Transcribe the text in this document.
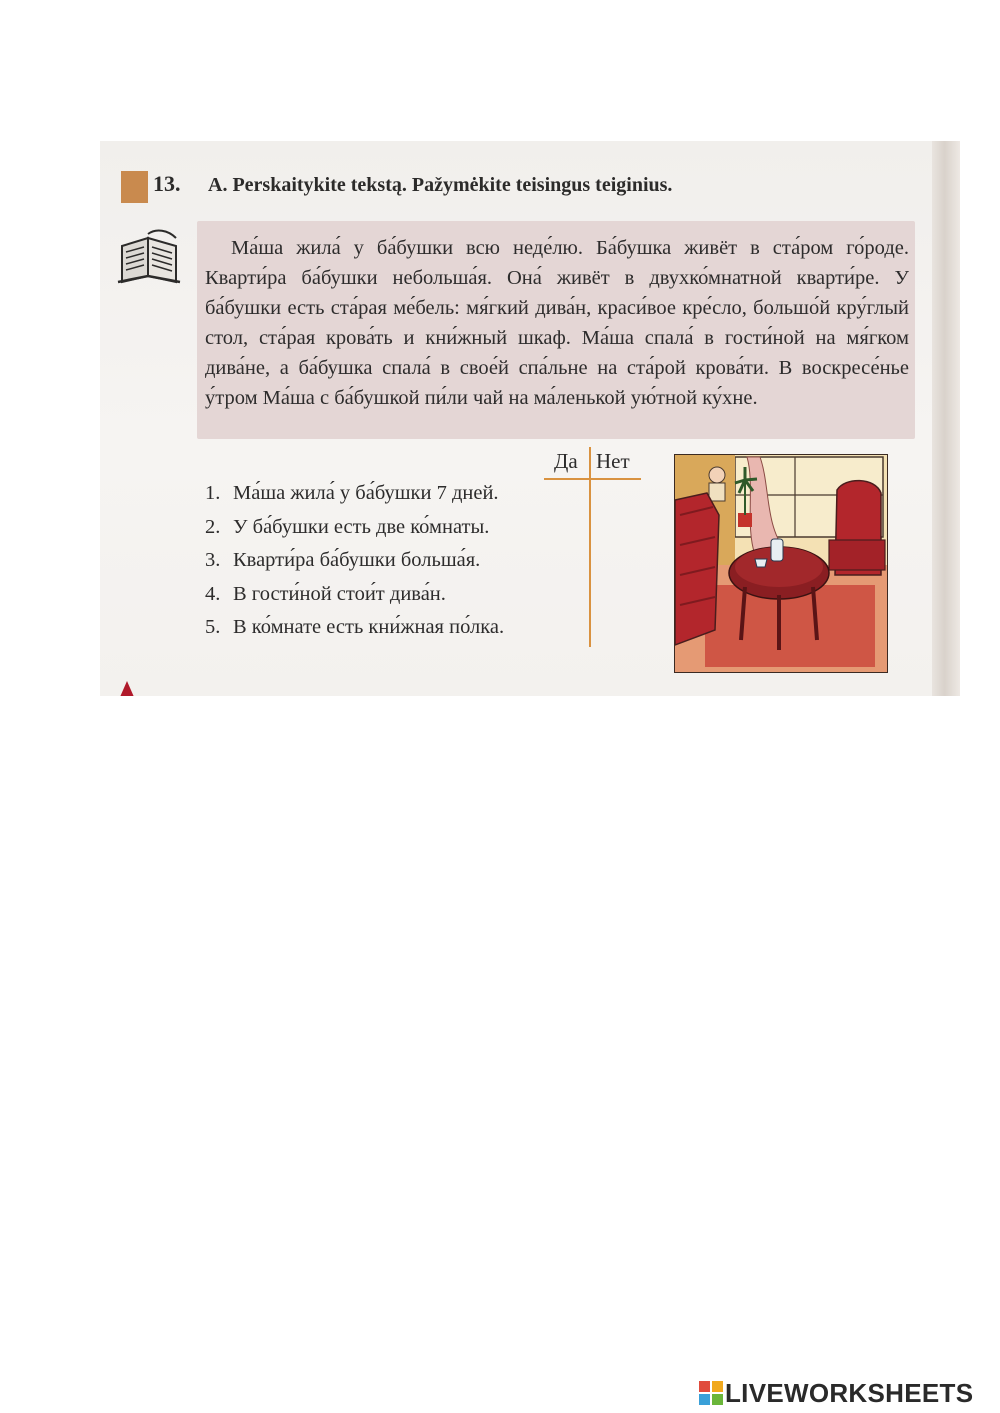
13. A. Perskaitykite tekstą. Pažymėkite teisingus teiginius.

Ма́ша жила́ у ба́бушки всю неде́лю. Ба́бушка живёт в ста́ром го́роде. Кварти́ра ба́бушки небольша́я. Она́ живёт в двухко́мнатной кварти́ре. У ба́бушки есть ста́рая ме́бель: мя́гкий дива́н, краси́вое кре́сло, большо́й кру́глый стол, ста́рая крова́ть и кни́жный шкаф. Ма́ша спала́ в гости́ной на мя́гком дива́не, а ба́бушка спала́ в свое́й спа́льне на ста́рой крова́ти. В воскресе́нье у́тром Ма́ша с ба́бушкой пи́ли чай на ма́ленькой ую́тной ку́хне.

Да Нет
1. Ма́ша жила́ у ба́бушки 7 дней.
2. У ба́бушки есть две ко́мнаты.
3. Кварти́ра ба́бушки больша́я.
4. В гости́ной стои́т дива́н.
5. В ко́мнате есть кни́жная по́лка.
LIVEWORKSHEETS
